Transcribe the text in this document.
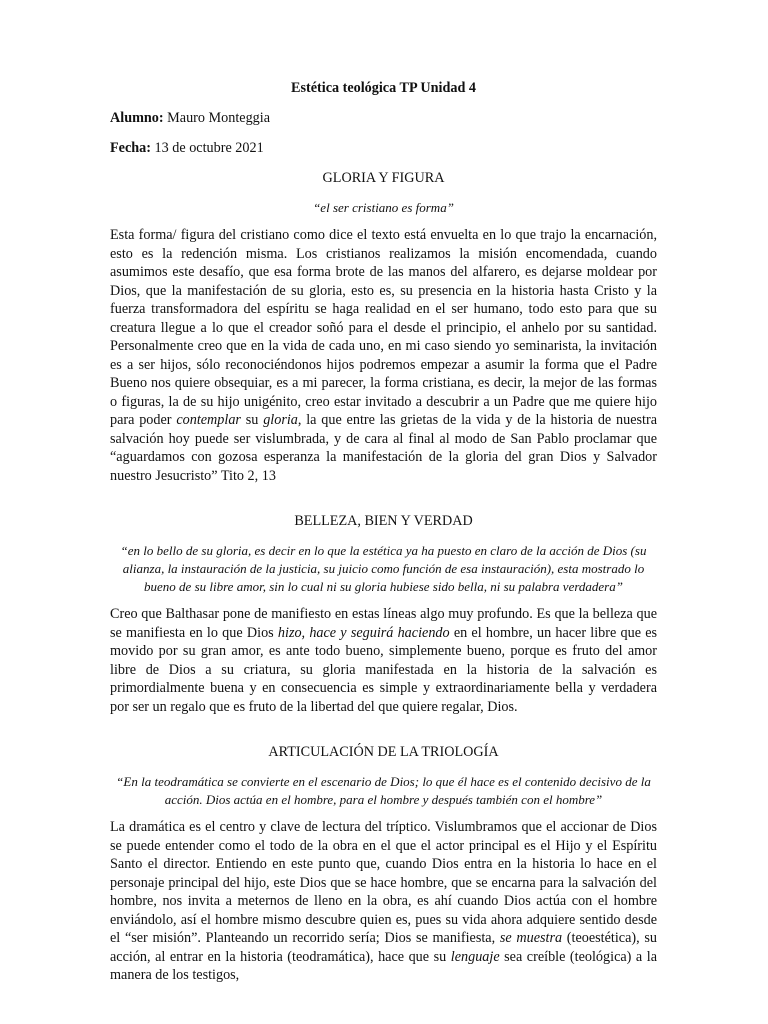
Estética teológica TP Unidad 4

Alumno: Mauro Monteggia

Fecha: 13 de octubre 2021

GLORIA Y FIGURA

“el ser cristiano es forma”

Esta forma/ figura del cristiano como dice el texto está envuelta en lo que trajo la encarnación, esto es la redención misma. Los cristianos realizamos la misión encomendada, cuando asumimos este desafío, que esa forma brote de las manos del alfarero, es dejarse moldear por Dios, que la manifestación de su gloria, esto es, su presencia en la historia hasta Cristo y la fuerza transformadora del espíritu se haga realidad en el ser humano, todo esto para que su creatura llegue a lo que el creador soñó para el desde el principio, el anhelo por su santidad. Personalmente creo que en la vida de cada uno, en mi caso siendo yo seminarista, la invitación es a ser hijos, sólo reconociéndonos hijos podremos empezar a asumir la forma que el Padre Bueno nos quiere obsequiar, es a mi parecer, la forma cristiana, es decir, la mejor de las formas o figuras, la de su hijo unigénito, creo estar invitado a descubrir a un Padre que me quiere hijo para poder contemplar su gloria, la que entre las grietas de la vida y de la historia de nuestra salvación hoy puede ser vislumbrada, y de cara al final al modo de San Pablo proclamar que “aguardamos con gozosa esperanza la manifestación de la gloria del gran Dios y Salvador nuestro Jesucristo” Tito 2, 13

BELLEZA, BIEN Y VERDAD

“en lo bello de su gloria, es decir en lo que la estética ya ha puesto en claro de la acción de Dios (su alianza, la instauración de la justicia, su juicio como función de esa instauración), esta mostrado lo bueno de su libre amor, sin lo cual ni su gloria hubiese sido bella, ni su palabra verdadera”

Creo que Balthasar pone de manifiesto en estas líneas algo muy profundo. Es que la belleza que se manifiesta en lo que Dios hizo, hace y seguirá haciendo en el hombre, un hacer libre que es movido por su gran amor, es ante todo bueno, simplemente bueno, porque es fruto del amor libre de Dios a su criatura, su gloria manifestada en la historia de la salvación es primordialmente buena y en consecuencia es simple y extraordinariamente bella y verdadera por ser un regalo que es fruto de la libertad del que quiere regalar, Dios.

ARTICULACIÓN DE LA TRIOLOGÍA

“En la teodramática se convierte en el escenario de Dios; lo que él hace es el contenido decisivo de la acción. Dios actúa en el hombre, para el hombre y después también con el hombre”

La dramática es el centro y clave de lectura del tríptico. Vislumbramos que el accionar de Dios se puede entender como el todo de la obra en el que el actor principal es el Hijo y el Espíritu Santo el director. Entiendo en este punto que, cuando Dios entra en la historia lo hace en el personaje principal del hijo, este Dios que se hace hombre, que se encarna para la salvación del hombre, nos invita a meternos de lleno en la obra, es ahí cuando Dios actúa con el hombre enviándolo, así el hombre mismo descubre quien es, pues su vida ahora adquiere sentido desde el “ser misión”. Planteando un recorrido sería; Dios se manifiesta, se muestra (teoestética), su acción, al entrar en la historia (teodramática), hace que su lenguaje sea creíble (teológica) a la manera de los testigos,
